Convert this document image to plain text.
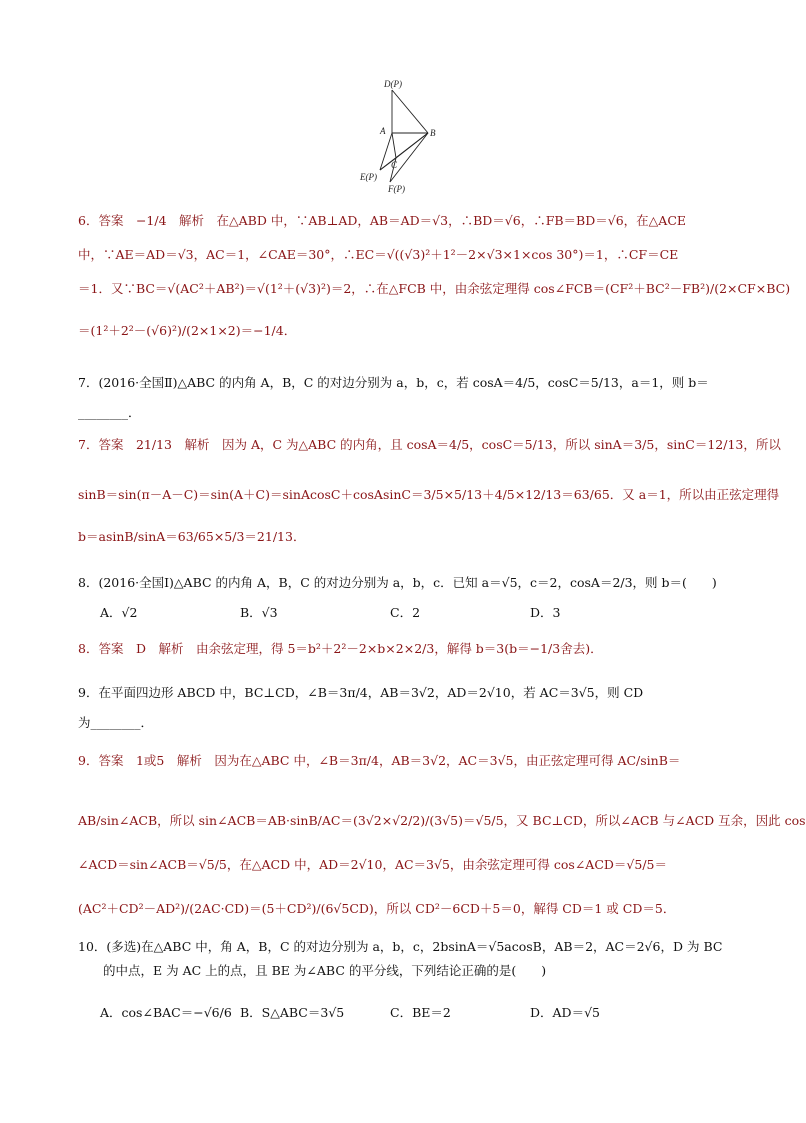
D(P)
A	B
C
E(P)
F(P)
6．答案　−1/4　解析　在△ABD 中，∵AB⊥AD，AB＝AD＝√3，∴BD＝√6，∴FB＝BD＝√6，在△ACE
中，∵AE＝AD＝√3，AC＝1，∠CAE＝30°，∴EC＝√((√3)²＋1²－2×√3×1×cos 30°)＝1，∴CF＝CE
＝1．又∵BC＝√(AC²＋AB²)＝√(1²＋(√3)²)＝2，∴在△FCB 中，由余弦定理得 cos∠FCB＝(CF²＋BC²－FB²)/(2×CF×BC)
＝(1²＋2²－(√6)²)/(2×1×2)＝−1/4．
7．(2016·全国Ⅱ)△ABC 的内角 A，B，C 的对边分别为 a，b，c，若 cosA＝4/5，cosC＝5/13，a＝1，则 b＝
________．
7．答案　21/13　解析　因为 A，C 为△ABC 的内角，且 cosA＝4/5，cosC＝5/13，所以 sinA＝3/5，sinC＝12/13，所以
sinB＝sin(π－A－C)＝sin(A＋C)＝sinAcosC＋cosAsinC＝3/5×5/13＋4/5×12/13＝63/65．又 a＝1，所以由正弦定理得
b＝asinB/sinA＝63/65×5/3＝21/13．
8．(2016·全国Ⅰ)△ABC 的内角 A，B，C 的对边分别为 a，b，c．已知 a＝√5，c＝2，cosA＝2/3，则 b＝(　　)
A．√2	B．√3	C．2	D．3
8．答案　D　解析　由余弦定理，得 5＝b²＋2²－2×b×2×2/3，解得 b＝3(b＝−1/3舍去)．
9．在平面四边形 ABCD 中，BC⊥CD，∠B＝3π/4，AB＝3√2，AD＝2√10，若 AC＝3√5，则 CD
为________．
9．答案　1或5　解析　因为在△ABC 中，∠B＝3π/4，AB＝3√2，AC＝3√5，由正弦定理可得 AC/sinB＝
AB/sin∠ACB，所以 sin∠ACB＝AB·sinB/AC＝(3√2×√2/2)/(3√5)＝√5/5，又 BC⊥CD，所以∠ACB 与∠ACD 互余，因此 cos
∠ACD＝sin∠ACB＝√5/5，在△ACD 中，AD＝2√10，AC＝3√5，由余弦定理可得 cos∠ACD＝√5/5＝
(AC²＋CD²－AD²)/(2AC·CD)＝(5＋CD²)/(6√5CD)，所以 CD²－6CD＋5＝0，解得 CD＝1 或 CD＝5．
10．(多选)在△ABC 中，角 A，B，C 的对边分别为 a，b，c，2bsinA＝√5acosB，AB＝2，AC＝2√6，D 为 BC
　　的中点，E 为 AC 上的点，且 BE 为∠ABC 的平分线，下列结论正确的是(　　)
A．cos∠BAC＝−√6/6 B．S△ABC＝3√5	C．BE＝2	D．AD＝√5
